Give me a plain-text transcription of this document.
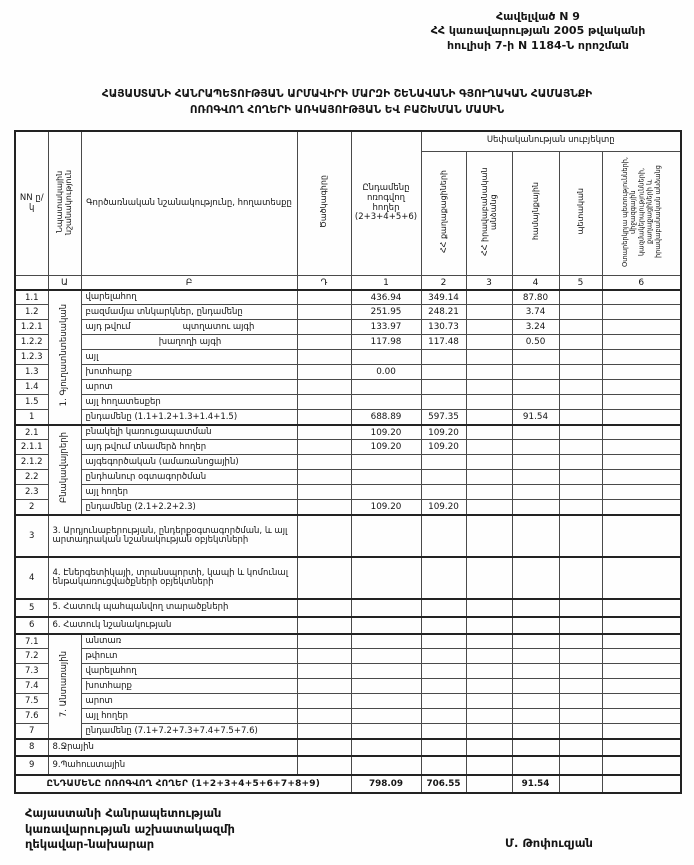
Հավելված N 9
ՀՀ կառավարության 2005 թվականի
հուլիսի 7-ի N 1184-Ն որոշման
ՀԱՅԱՍՏԱՆԻ ՀԱՆՐԱՊԵՏՈՒԹՅԱՆ ԱՐՄԱՎԻՐԻ ՄԱՐԶԻ ՇԵՆԱՎԱՆԻ ԳՅՈՒՂԱԿԱՆ ՀԱՄԱՅՆՔԻ
ՈՌՈԳՎՈՂ ՀՈՂԵՐԻ ԱՌԿԱՅՈՒԹՅԱՆ ԵՎ ԲԱՇԽՄԱՆ ՄԱՍԻՆ
NN ը/կ	Նպատակային նշանակություն	Գործառնական նշանակությունը, հողատեսքը	Ծածկագիրը	Ընդամենը ոռոգվող հողեր (2+3+4+5+6)	Սեփականության սուբյեկտը				
					ՀՀ քաղաքացիների	ՀՀ իրավաբանական անձանց	համայնքային	պետական	Օտարերկրյա պետությունների, միջազգային կազմակերպությունների, քաղաքացիների և իրավաբանական անձանց
	Ա	Բ	Դ	1	2	3	4	5	6
1.1	1. Գյուղատնտեսական	վարելահող		436.94	349.14		87.80		
1.2		բազմամյա տնկարկներ, ընդամենը		251.95	248.21		3.74		
1.2.1		այդ թվում պտղատու այգի		133.97	130.73		3.24		
1.2.2		խաղողի այգի		117.98	117.48		0.50		
1.2.3		այլ							
1.3		խոտհարք		0.00					
1.4		արոտ							
1.5		այլ հողատեսքեր							
1		ընդամենը (1.1+1.2+1.3+1.4+1.5)		688.89	597.35		91.54		
2.1	Բնակավայրերի	բնակելի կառուցապատման		109.20	109.20				
2.1.1		այդ թվում տնամերձ հողեր		109.20	109.20				
2.1.2		այգեգործական (ամառանոցային)							
2.2		ընդհանուր օգտագործման							
2.3		այլ հողեր							
2		ընդամենը (2.1+2.2+2.3)		109.20	109.20				
3	3. Արդյունաբերության, ընդերքօգտագործման, և այլ արտադրական նշանակության օբյեկտների								
4	4. Էներգետիկայի, տրանսպորտի, կապի և կոմունալ ենթակառուցվածքների օբյեկտների								
5	5. Հատուկ պահպանվող տարածքների								
6	6. Հատուկ նշանակության								
7.1	7. Անտառային	անտառ							
7.2		թփուտ							
7.3		վարելահող							
7.4		խոտհարք							
7.5		արոտ							
7.6		այլ հողեր							
7		ընդամենը (7.1+7.2+7.3+7.4+7.5+7.6)							
8	8.Ջրային								
9	9.Պահուստային								
ԸՆԴԱՄԵՆԸ ՈՌՈԳՎՈՂ ՀՈՂԵՐ (1+2+3+4+5+6+7+8+9)				798.09	706.55		91.54		
Հայաստանի Հանրապետության
կառավարության աշխատակազմի
ղեկավար-նախարար	Մ. Թոփուզյան
